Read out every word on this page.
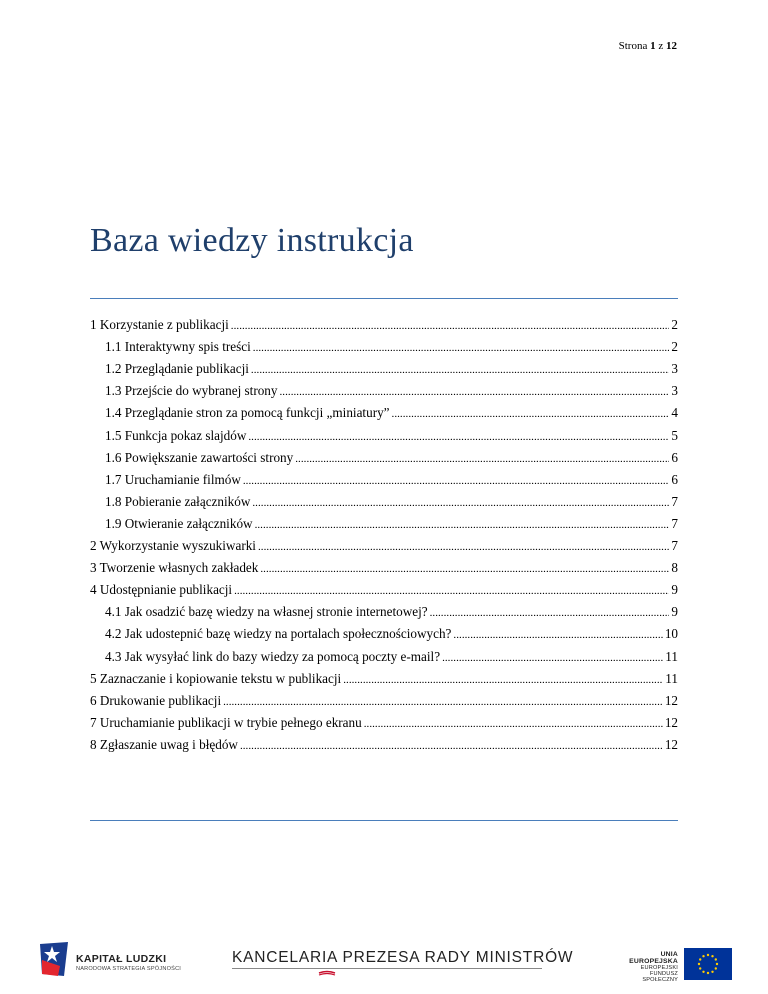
Strona 1 z 12
Baza wiedzy instrukcja
1 Korzystanie z publikacji . . .	2
1.1 Interaktywny spis treści . . .	2
1.2 Przeglądanie publikacji . . .	3
1.3 Przejście do wybranej strony . . .	3
1.4 Przeglądanie stron za pomocą funkcji „miniatury” . . .	4
1.5 Funkcja pokaz slajdów . . .	5
1.6 Powiększanie zawartości strony . . .	6
1.7 Uruchamianie filmów . . .	6
1.8 Pobieranie załączników . . .	7
1.9 Otwieranie załączników . . .	7
2 Wykorzystanie wyszukiwarki . . .	7
3 Tworzenie własnych zakładek . . .	8
4 Udostępnianie publikacji . . .	9
4.1 Jak osadzić bazę wiedzy na własnej stronie internetowej? . . .	9
4.2 Jak udostepnić bazę wiedzy na portalach społecznościowych? . . .	10
4.3 Jak wysyłać link do bazy wiedzy za pomocą poczty e-mail? . . .	11
5 Zaznaczanie i kopiowanie tekstu w publikacji . . .	11
6 Drukowanie publikacji . . .	12
7 Uruchamianie publikacji w trybie pełnego ekranu . . .	12
8 Zgłaszanie uwag i błędów . . .	12
KAPITAŁ LUDZKI
NARODOWA STRATEGIA SPÓJNOŚCI
KANCELARIA PREZESA RADY MINISTRÓW	UNIA EUROPEJSKA
EUROPEJSKI
FUNDUSZ SPOŁECZNY
